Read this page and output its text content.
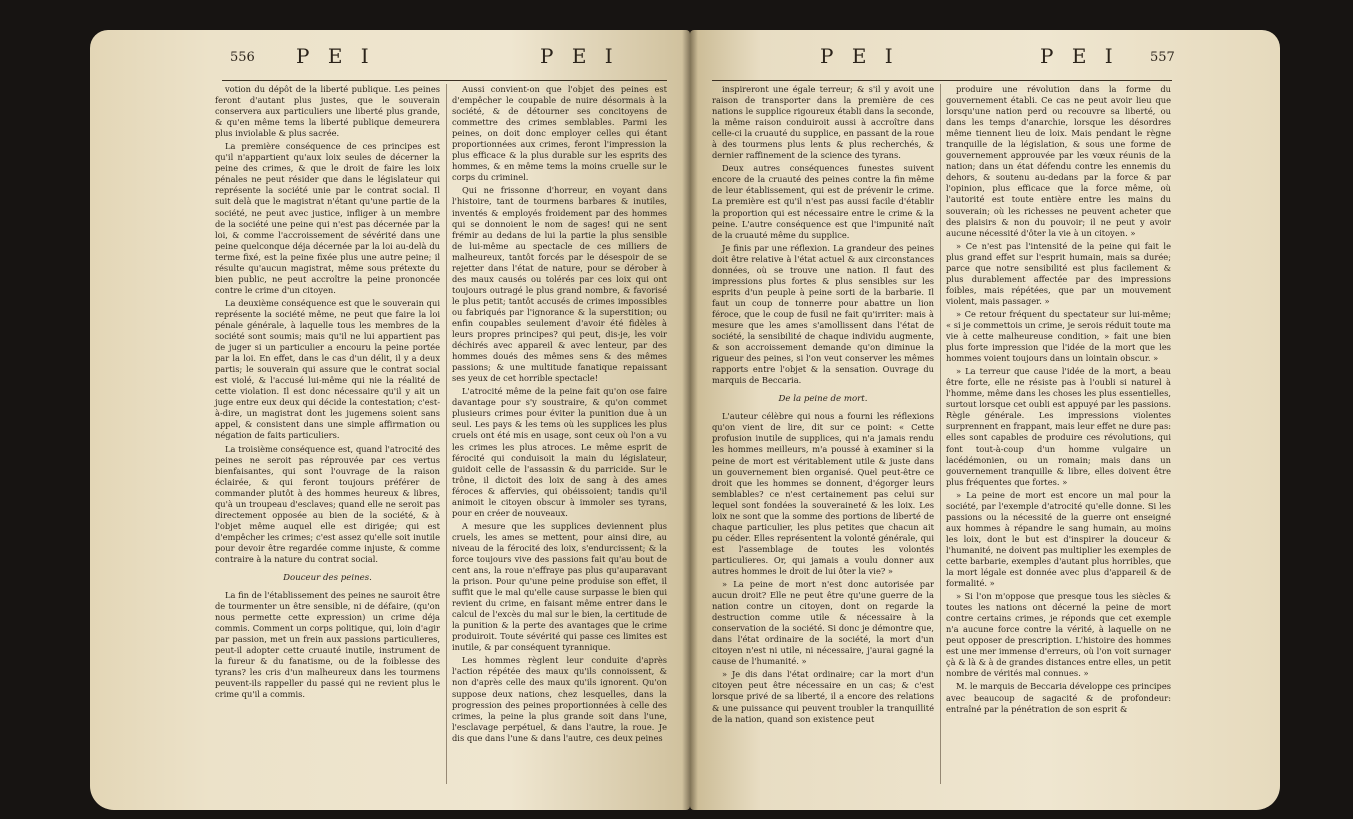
556 P E I	P E I

votion du dépôt de la liberté publique. Les peines feront d'autant plus justes, que le souverain conservera aux particuliers une liberté plus grande, & qu'en même tems la liberté publique demeurera plus inviolable & plus sacrée.

La première conséquence de ces principes est qu'il n'appartient qu'aux loix seules de décerner la peine des crimes, & que le droit de faire les loix pénales ne peut résider que dans le législateur qui représente la société unie par le contrat social. Il suit delà que le magistrat n'étant qu'une partie de la société, ne peut avec justice, infliger à un membre de la société une peine qui n'est pas décernée par la loi, & comme l'accroissement de sévérité dans une peine quelconque déja décernée par la loi au-delà du terme fixé, est la peine fixée plus une autre peine; il résulte qu'aucun magistrat, même sous prétexte du bien public, ne peut accroître la peine prononcée contre le crime d'un citoyen.

La deuxième conséquence est que le souverain qui représente la société même, ne peut que faire la loi pénale générale, à laquelle tous les membres de la société sont soumis; mais qu'il ne lui appartient pas de juger si un particulier a encouru la peine portée par la loi. En effet, dans le cas d'un délit, il y a deux partis; le souverain qui assure que le contrat social est violé, & l'accusé lui-même qui nie la réalité de cette violation. Il est donc nécessaire qu'il y ait un juge entre eux deux qui décide la contestation; c'est-à-dire, un magistrat dont les jugemens soient sans appel, & consistent dans une simple affirmation ou négation de faits particuliers.

La troisième conséquence est, quand l'atrocité des peines ne seroit pas réprouvée par ces vertus bienfaisantes, qui sont l'ouvrage de la raison éclairée, & qui feront toujours préférer de commander plutôt à des hommes heureux & libres, qu'à un troupeau d'esclaves; quand elle ne seroit pas directement opposée au bien de la société, & à l'objet même auquel elle est dirigée; qui est d'empêcher les crimes; c'est assez qu'elle soit inutile pour devoir être regardée comme injuste, & comme contraire à la nature du contrat social.

Douceur des peines.

La fin de l'établissement des peines ne sauroit être de tourmenter un être sensible, ni de défaire, (qu'on nous permette cette expression) un crime déja commis. Comment un corps politique, qui, loin d'agir par passion, met un frein aux passions particulieres, peut-il adopter cette cruauté inutile, instrument de la fureur & du fanatisme, ou de la foiblesse des tyrans? les cris d'un malheureux dans les tourmens peuvent-ils rappeller du passé qui ne revient plus le crime qu'il a commis.

Aussi convient-on que l'objet des peines est d'empêcher le coupable de nuire désormais à la société, & de détourner ses concitoyens de commettre des crimes semblables. Parmi les peines, on doit donc employer celles qui étant proportionnées aux crimes, feront l'impression la plus efficace & la plus durable sur les esprits des hommes, & en même tems la moins cruelle sur le corps du criminel.

Qui ne frissonne d'horreur, en voyant dans l'histoire, tant de tourmens barbares & inutiles, inventés & employés froidement par des hommes qui se donnoient le nom de sages! qui ne sent frémir au dedans de lui la partie la plus sensible de lui-même au spectacle de ces milliers de malheureux, tantôt forcés par le désespoir de se rejetter dans l'état de nature, pour se dérober à des maux causés ou tolérés par ces loix qui ont toujours outragé le plus grand nombre, & favorisé le plus petit; tantôt accusés de crimes impossibles ou fabriqués par l'ignorance & la superstition; ou enfin coupables seulement d'avoir été fidèles à leurs propres principes? qui peut, dis-je, les voir déchirés avec appareil & avec lenteur, par des hommes doués des mêmes sens & des mêmes passions; & une multitude fanatique repaissant ses yeux de cet horrible spectacle!

L'atrocité même de la peine fait qu'on ose faire davantage pour s'y soustraire, & qu'on commet plusieurs crimes pour éviter la punition due à un seul. Les pays & les tems où les supplices les plus cruels ont été mis en usage, sont ceux où l'on a vu les crimes les plus atroces. Le même esprit de férocité qui conduisoit la main du législateur, guidoit celle de l'assassin & du parricide. Sur le trône, il dictoit des loix de sang à des ames féroces & affervies, qui obéissoient; tandis qu'il animoit le citoyen obscur à immoler ses tyrans, pour en créer de nouveaux.

A mesure que les supplices deviennent plus cruels, les ames se mettent, pour ainsi dire, au niveau de la férocité des loix, s'endurcissent; & la force toujours vive des passions fait qu'au bout de cent ans, la roue n'effraye pas plus qu'auparavant la prison. Pour qu'une peine produise son effet, il suffit que le mal qu'elle cause surpasse le bien qui revient du crime, en faisant même entrer dans le calcul de l'excès du mal sur le bien, la certitude de la punition & la perte des avantages que le crime produiroit. Toute sévérité qui passe ces limites est inutile, & par conséquent tyrannique.

Les hommes règlent leur conduite d'après l'action répétée des maux qu'ils connoissent, & non d'après celle des maux qu'ils ignorent. Qu'on suppose deux nations, chez lesquelles, dans la progression des peines proportionnées à celle des crimes, la peine la plus grande soit dans l'une, l'esclavage perpétuel, & dans l'autre, la roue. Je dis que dans l'une & dans l'autre, ces deux peines

P E I	P E I 557

inspireront une égale terreur; & s'il y avoit une raison de transporter dans la première de ces nations le supplice rigoureux établi dans la seconde, la même raison conduiroit aussi à accroître dans celle-ci la cruauté du supplice, en passant de la roue à des tourmens plus lents & plus recherchés, & dernier raffinement de la science des tyrans.

Deux autres conséquences funestes suivent encore de la cruauté des peines contre la fin même de leur établissement, qui est de prévenir le crime. La première est qu'il n'est pas aussi facile d'établir la proportion qui est nécessaire entre le crime & la peine. L'autre conséquence est que l'impunité naît de la cruauté même du supplice.

Je finis par une réflexion. La grandeur des peines doit être relative à l'état actuel & aux circonstances données, où se trouve une nation. Il faut des impressions plus fortes & plus sensibles sur les esprits d'un peuple à peine sorti de la barbarie. Il faut un coup de tonnerre pour abattre un lion féroce, que le coup de fusil ne fait qu'irriter: mais à mesure que les ames s'amollissent dans l'état de société, la sensibilité de chaque individu augmente, & son accroissement demande qu'on diminue la rigueur des peines, si l'on veut conserver les mêmes rapports entre l'objet & la sensation. Ouvrage du marquis de Beccaria.

De la peine de mort.

L'auteur célèbre qui nous a fourni les réflexions qu'on vient de lire, dit sur ce point: « Cette profusion inutile de supplices, qui n'a jamais rendu les hommes meilleurs, m'a poussé à examiner si la peine de mort est véritablement utile & juste dans un gouvernement bien organisé. Quel peut-être ce droit que les hommes se donnent, d'égorger leurs semblables? ce n'est certainement pas celui sur lequel sont fondées la souveraineté & les loix. Les loix ne sont que la somme des portions de liberté de chaque particulier, les plus petites que chacun ait pu céder. Elles représentent la volonté générale, qui est l'assemblage de toutes les volontés particulieres. Or, qui jamais a voulu donner aux autres hommes le droit de lui ôter la vie? »

» La peine de mort n'est donc autorisée par aucun droit? Elle ne peut être qu'une guerre de la nation contre un citoyen, dont on regarde la destruction comme utile & nécessaire à la conservation de la société. Si donc je démontre que, dans l'état ordinaire de la société, la mort d'un citoyen n'est ni utile, ni nécessaire, j'aurai gagné la cause de l'humanité. »

» Je dis dans l'état ordinaire; car la mort d'un citoyen peut être nécessaire en un cas; & c'est lorsque privé de sa liberté, il a encore des relations & une puissance qui peuvent troubler la tranquillité de la nation, quand son existence peut

produire une révolution dans la forme du gouvernement établi. Ce cas ne peut avoir lieu que lorsqu'une nation perd ou recouvre sa liberté, ou dans les temps d'anarchie, lorsque les désordres même tiennent lieu de loix. Mais pendant le règne tranquille de la législation, & sous une forme de gouvernement approuvée par les vœux réunis de la nation; dans un état défendu contre les ennemis du dehors, & soutenu au-dedans par la force & par l'opinion, plus efficace que la force même, où l'autorité est toute entière entre les mains du souverain; où les richesses ne peuvent acheter que des plaisirs & non du pouvoir; il ne peut y avoir aucune nécessité d'ôter la vie à un citoyen. »

» Ce n'est pas l'intensité de la peine qui fait le plus grand effet sur l'esprit humain, mais sa durée; parce que notre sensibilité est plus facilement & plus durablement affectée par des impressions foibles, mais répétées, que par un mouvement violent, mais passager. »

» Ce retour fréquent du spectateur sur lui-même; « si je commettois un crime, je serois réduit toute ma vie à cette malheureuse condition, » fait une bien plus forte impression que l'idée de la mort que les hommes voient toujours dans un lointain obscur. »

» La terreur que cause l'idée de la mort, a beau être forte, elle ne résiste pas à l'oubli si naturel à l'homme, même dans les choses les plus essentielles, surtout lorsque cet oubli est appuyé par les passions. Règle générale. Les impressions violentes surprennent en frappant, mais leur effet ne dure pas: elles sont capables de produire ces révolutions, qui font tout-à-coup d'un homme vulgaire un lacédémonien, ou un romain; mais dans un gouvernement tranquille & libre, elles doivent être plus fréquentes que fortes. »

» La peine de mort est encore un mal pour la société, par l'exemple d'atrocité qu'elle donne. Si les passions ou la nécessité de la guerre ont enseigné aux hommes à répandre le sang humain, au moins les loix, dont le but est d'inspirer la douceur & l'humanité, ne doivent pas multiplier les exemples de cette barbarie, exemples d'autant plus horribles, que la mort légale est donnée avec plus d'appareil & de formalité. »

» Si l'on m'oppose que presque tous les siècles & toutes les nations ont décerné la peine de mort contre certains crimes, je réponds que cet exemple n'a aucune force contre la vérité, à laquelle on ne peut opposer de prescription. L'histoire des hommes est une mer immense d'erreurs, où l'on voit surnager çà & là & à de grandes distances entre elles, un petit nombre de vérités mal connues. »

M. le marquis de Beccaria développe ces principes avec beaucoup de sagacité & de profondeur: entraîné par la pénétration de son esprit &
